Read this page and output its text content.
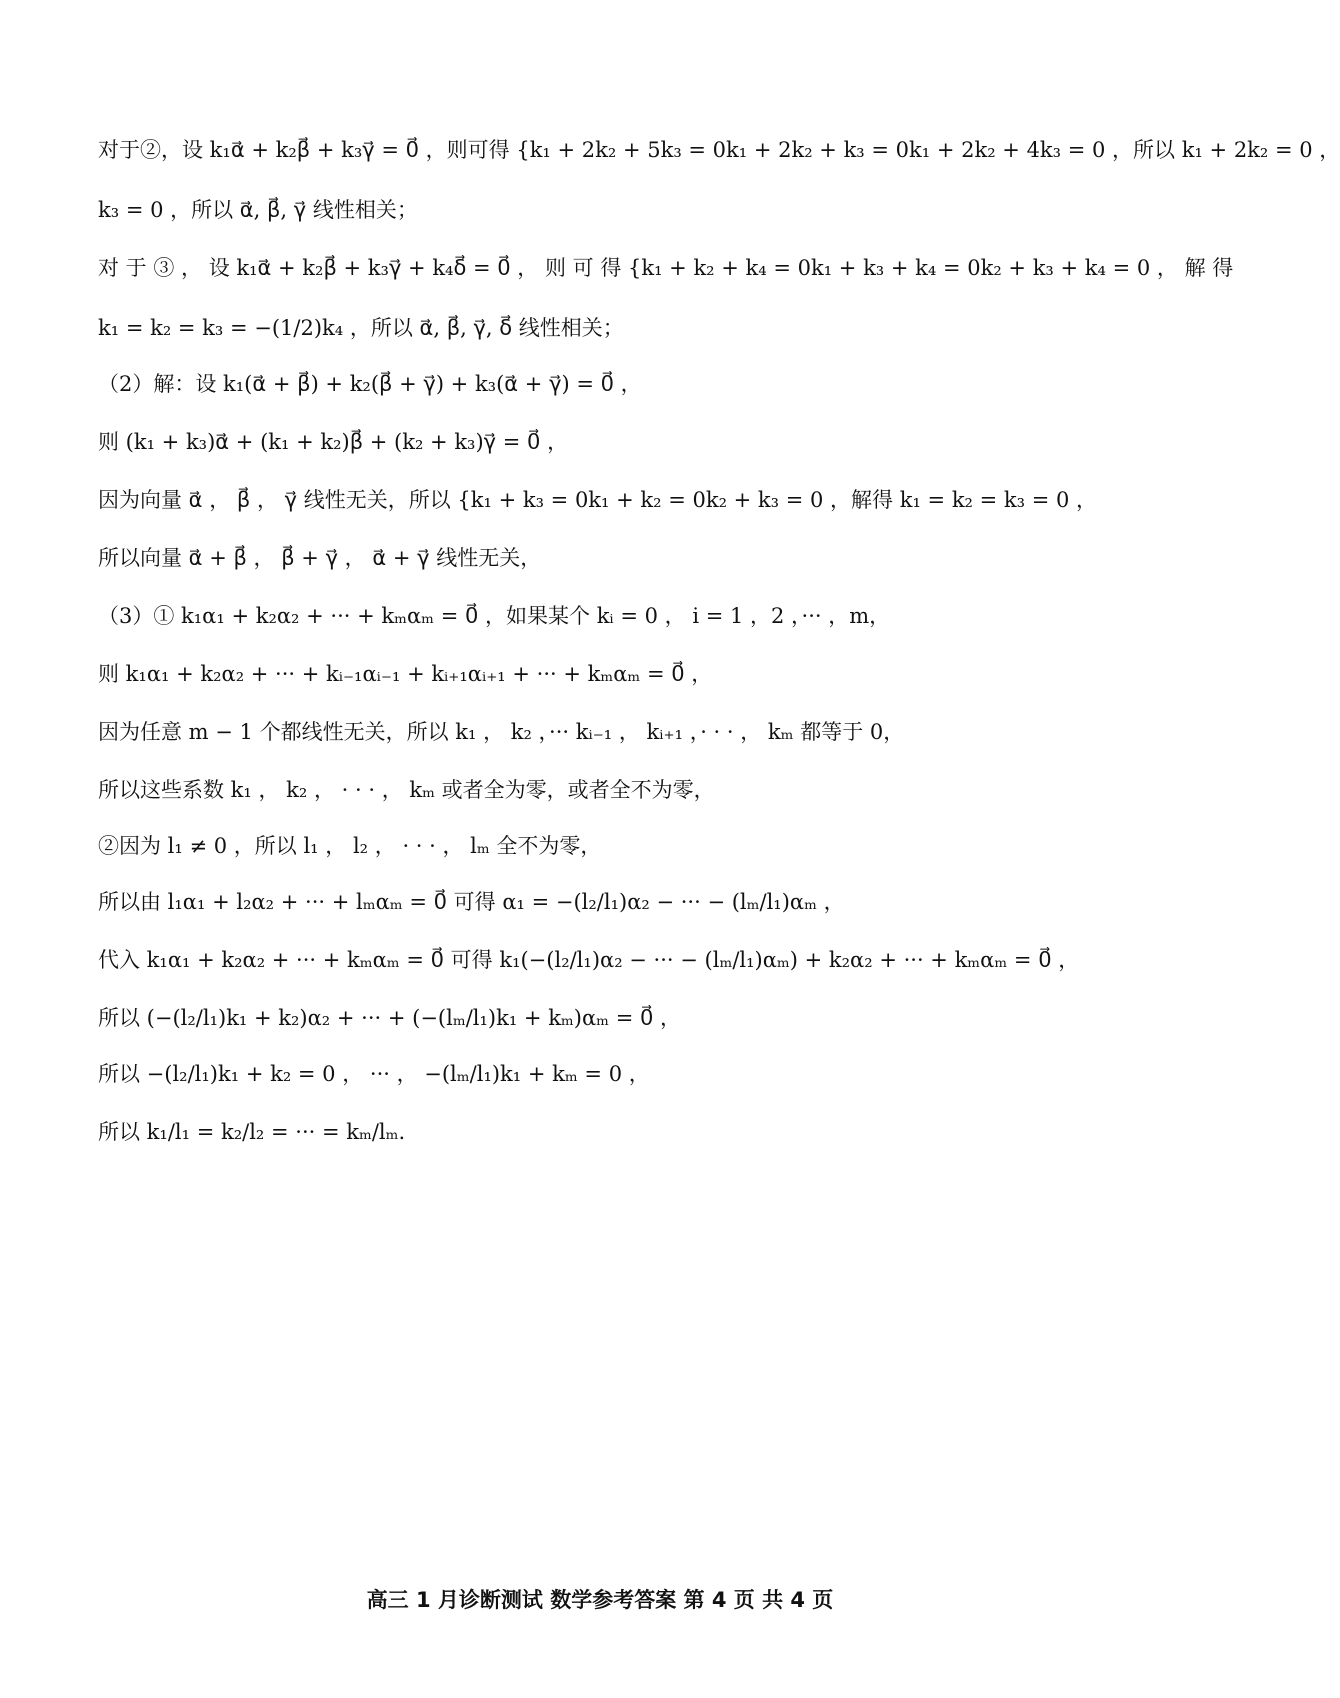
对于②，设 k₁α⃗ + k₂β⃗ + k₃γ⃗ = 0⃗ ，则可得 {k₁ + 2k₂ + 5k₃ = 0k₁ + 2k₂ + k₃ = 0k₁ + 2k₂ + 4k₃ = 0 ，所以 k₁ + 2k₂ = 0 ，
k₃ = 0 ，所以 α⃗, β⃗, γ⃗ 线性相关；
对 于 ③ ， 设 k₁α⃗ + k₂β⃗ + k₃γ⃗ + k₄δ⃗ = 0⃗ ， 则 可 得 {k₁ + k₂ + k₄ = 0k₁ + k₃ + k₄ = 0k₂ + k₃ + k₄ = 0 ， 解 得
k₁ = k₂ = k₃ = −(1/2)k₄ ，所以 α⃗, β⃗, γ⃗, δ⃗ 线性相关；
（2）解：设 k₁(α⃗ + β⃗) + k₂(β⃗ + γ⃗) + k₃(α⃗ + γ⃗) = 0⃗ ，
则 (k₁ + k₃)α⃗ + (k₁ + k₂)β⃗ + (k₂ + k₃)γ⃗ = 0⃗ ，
因为向量 α⃗ ， β⃗ ， γ⃗ 线性无关，所以 {k₁ + k₃ = 0k₁ + k₂ = 0k₂ + k₃ = 0 ，解得 k₁ = k₂ = k₃ = 0 ，
所以向量 α⃗ + β⃗ ， β⃗ + γ⃗ ， α⃗ + γ⃗ 线性无关，
（3）① k₁α₁ + k₂α₂ + ··· + kₘαₘ = 0⃗ ，如果某个 kᵢ = 0 ， i = 1 ，2 ，··· ，m，
则 k₁α₁ + k₂α₂ + ··· + kᵢ₋₁αᵢ₋₁ + kᵢ₊₁αᵢ₊₁ + ··· + kₘαₘ = 0⃗ ，
因为任意 m − 1 个都线性无关，所以 k₁ ， k₂ ，··· kᵢ₋₁ ， kᵢ₊₁ ，· · · ， kₘ 都等于 0，
所以这些系数 k₁ ， k₂ ， · · · ， kₘ 或者全为零，或者全不为零，
②因为 l₁ ≠ 0 ，所以 l₁ ， l₂ ， · · · ， lₘ 全不为零，
所以由 l₁α₁ + l₂α₂ + ··· + lₘαₘ = 0⃗ 可得 α₁ = −(l₂/l₁)α₂ − ··· − (lₘ/l₁)αₘ ，
代入 k₁α₁ + k₂α₂ + ··· + kₘαₘ = 0⃗ 可得 k₁(−(l₂/l₁)α₂ − ··· − (lₘ/l₁)αₘ) + k₂α₂ + ··· + kₘαₘ = 0⃗ ，
所以 (−(l₂/l₁)k₁ + k₂)α₂ + ··· + (−(lₘ/l₁)k₁ + kₘ)αₘ = 0⃗ ，
所以 −(l₂/l₁)k₁ + k₂ = 0 ， ··· ， −(lₘ/l₁)k₁ + kₘ = 0 ，
所以 k₁/l₁ = k₂/l₂ = ··· = kₘ/lₘ.
高三 1 月诊断测试 数学参考答案 第 4 页 共 4 页
